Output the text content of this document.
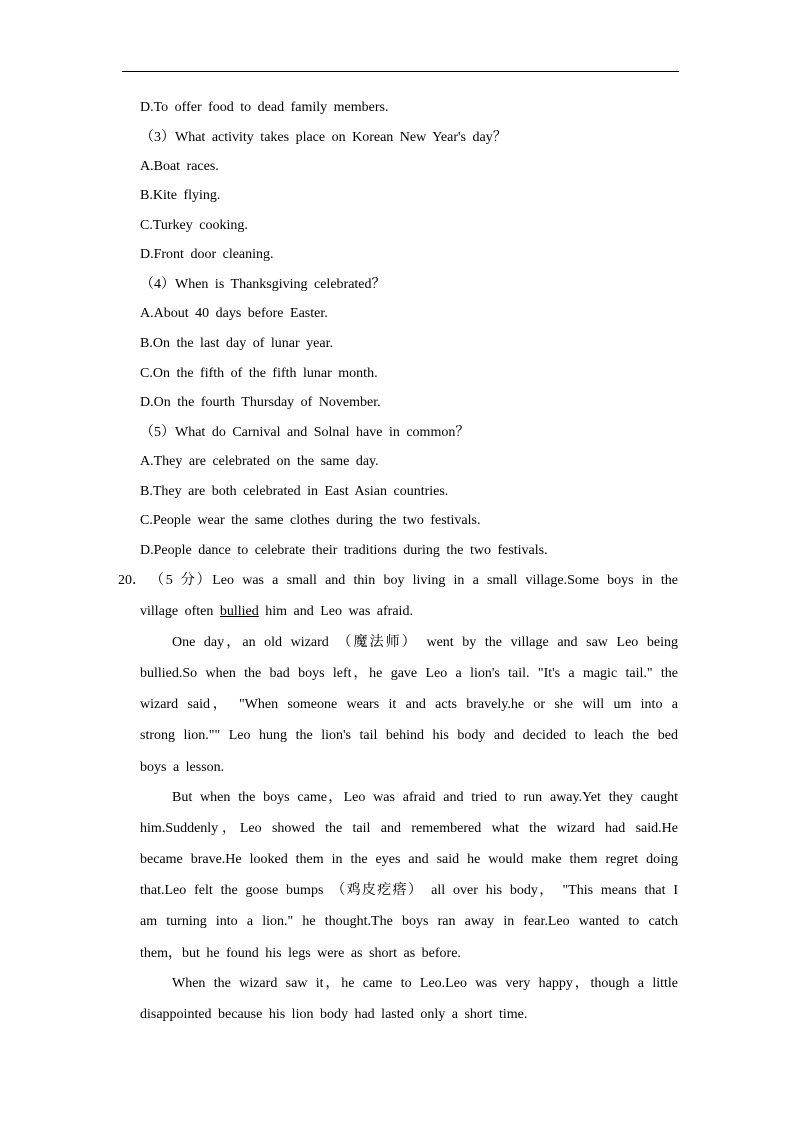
D.To offer food to dead family members.
（3）What activity takes place on Korean New Year's day？
A.Boat races.
B.Kite flying.
C.Turkey cooking.
D.Front door cleaning.
（4）When is Thanksgiving celebrated？
A.About 40 days before Easter.
B.On the last day of lunar year.
C.On the fifth of the fifth lunar month.
D.On the fourth Thursday of November.
（5）What do Carnival and Solnal have in common？
A.They are celebrated on the same day.
B.They are both celebrated in East Asian countries.
C.People wear the same clothes during the two festivals.
D.People dance to celebrate their traditions during the two festivals.
20． （5 分）Leo was a small and thin boy living in a small village.Some boys in the
village often bullied him and Leo was afraid.
One day，an old wizard （魔法师） went by the village and saw Leo being
bullied.So when the bad boys left，he gave Leo a lion's tail. "It's a magic tail." the
wizard said， "When someone wears it and acts bravely.he or she will um into a
strong lion."" Leo hung the lion's tail behind his body and decided to leach the bed
boys a lesson.
But when the boys came，Leo was afraid and tried to run away.Yet they caught
him.Suddenly，Leo showed the tail and remembered what the wizard had said.He
became brave.He looked them in the eyes and said he would make them regret doing
that.Leo felt the goose bumps （鸡皮疙瘩） all over his body， "This means that I
am turning into a lion." he thought.The boys ran away in fear.Leo wanted to catch
them，but he found his legs were as short as before.
When the wizard saw it，he came to Leo.Leo was very happy，though a little
disappointed because his lion body had lasted only a short time.
